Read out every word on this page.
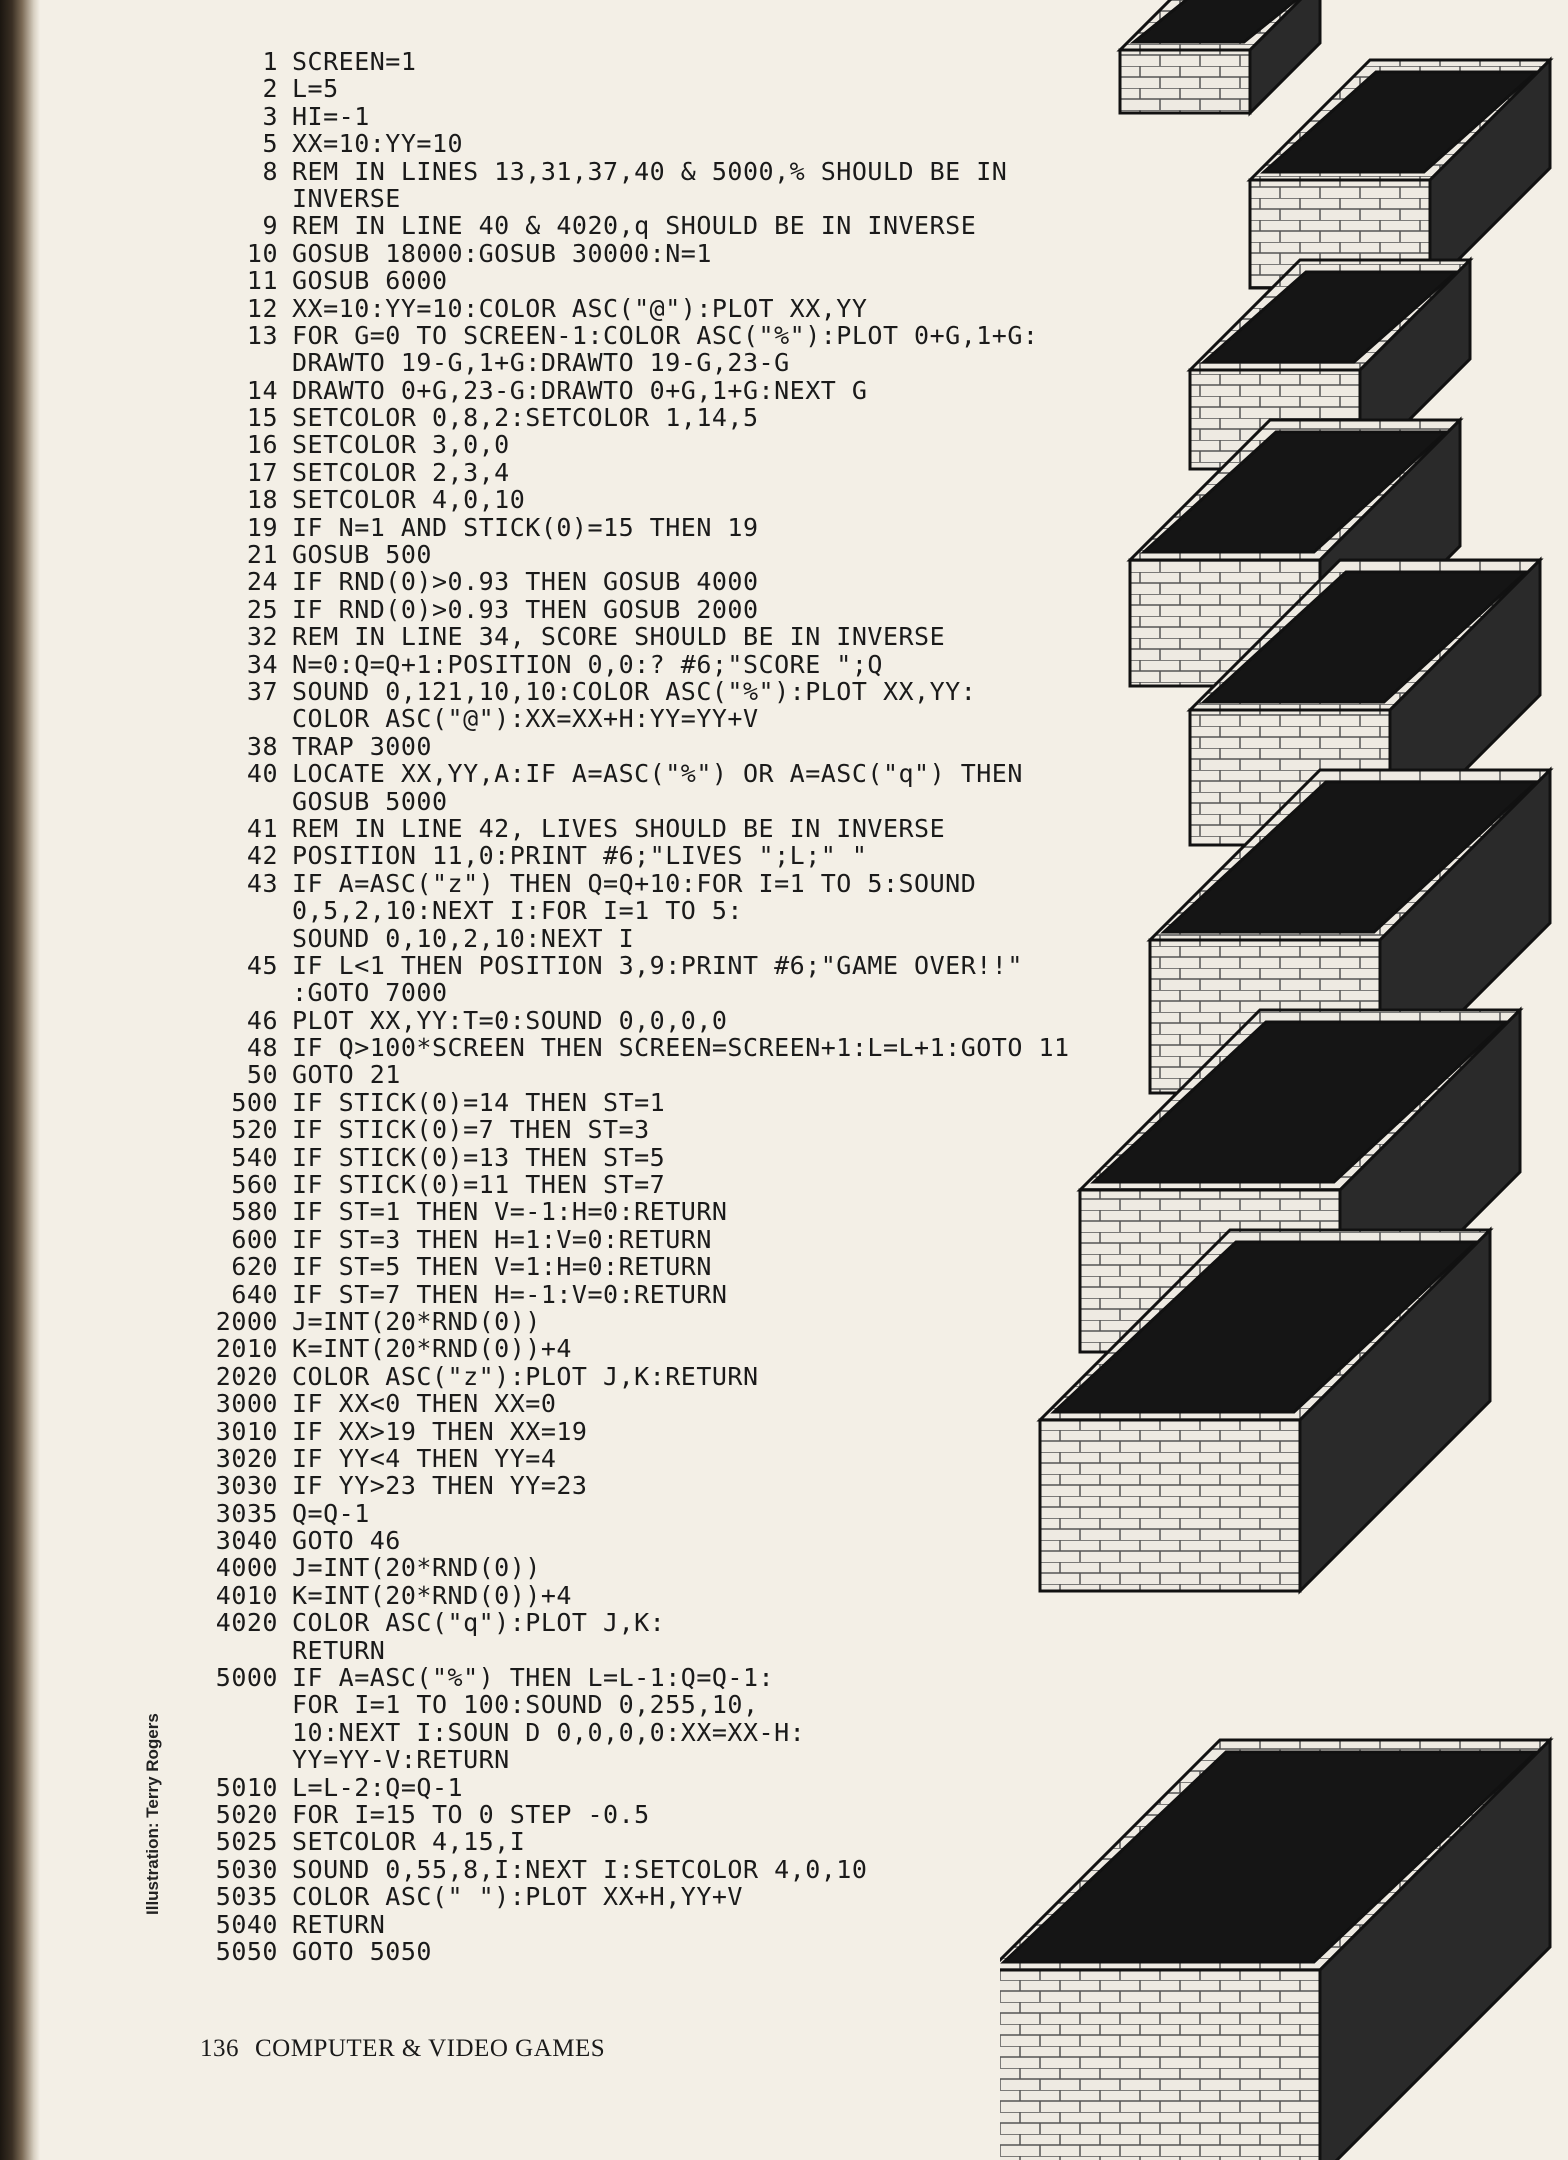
1 SCREEN=1
2 L=5
3 HI=-1
5 XX=10:YY=10
8 REM IN LINES 13,31,37,40 & 5000,% SHOULD BE IN
INVERSE
9 REM IN LINE 40 & 4020,q SHOULD BE IN INVERSE
10 GOSUB 18000:GOSUB 30000:N=1
11 GOSUB 6000
12 XX=10:YY=10:COLOR ASC("@"):PLOT XX,YY
13 FOR G=0 TO SCREEN-1:COLOR ASC("%"):PLOT 0+G,1+G:
DRAWTO 19-G,1+G:DRAWTO 19-G,23-G
14 DRAWTO 0+G,23-G:DRAWTO 0+G,1+G:NEXT G
15 SETCOLOR 0,8,2:SETCOLOR 1,14,5
16 SETCOLOR 3,0,0
17 SETCOLOR 2,3,4
18 SETCOLOR 4,0,10
19 IF N=1 AND STICK(0)=15 THEN 19
21 GOSUB 500
24 IF RND(0)>0.93 THEN GOSUB 4000
25 IF RND(0)>0.93 THEN GOSUB 2000
32 REM IN LINE 34, SCORE SHOULD BE IN INVERSE
34 N=0:Q=Q+1:POSITION 0,0:? #6;"SCORE ";Q
37 SOUND 0,121,10,10:COLOR ASC("%"):PLOT XX,YY:
COLOR ASC("@"):XX=XX+H:YY=YY+V
38 TRAP 3000
40 LOCATE XX,YY,A:IF A=ASC("%") OR A=ASC("q") THEN
GOSUB 5000
41 REM IN LINE 42, LIVES SHOULD BE IN INVERSE
42 POSITION 11,0:PRINT #6;"LIVES ";L;" "
43 IF A=ASC("z") THEN Q=Q+10:FOR I=1 TO 5:SOUND
0,5,2,10:NEXT I:FOR I=1 TO 5:
SOUND 0,10,2,10:NEXT I
45 IF L<1 THEN POSITION 3,9:PRINT #6;"GAME OVER!!"
:GOTO 7000
46 PLOT XX,YY:T=0:SOUND 0,0,0,0
48 IF Q>100*SCREEN THEN SCREEN=SCREEN+1:L=L+1:GOTO 11
50 GOTO 21
500 IF STICK(0)=14 THEN ST=1
520 IF STICK(0)=7 THEN ST=3
540 IF STICK(0)=13 THEN ST=5
560 IF STICK(0)=11 THEN ST=7
580 IF ST=1 THEN V=-1:H=0:RETURN
600 IF ST=3 THEN H=1:V=0:RETURN
620 IF ST=5 THEN V=1:H=0:RETURN
640 IF ST=7 THEN H=-1:V=0:RETURN
2000 J=INT(20*RND(0))
2010 K=INT(20*RND(0))+4
2020 COLOR ASC("z"):PLOT J,K:RETURN
3000 IF XX<0 THEN XX=0
3010 IF XX>19 THEN XX=19
3020 IF YY<4 THEN YY=4
3030 IF YY>23 THEN YY=23
3035 Q=Q-1
3040 GOTO 46
4000 J=INT(20*RND(0))
4010 K=INT(20*RND(0))+4
4020 COLOR ASC("q"):PLOT J,K:
RETURN
5000 IF A=ASC("%") THEN L=L-1:Q=Q-1:
FOR I=1 TO 100:SOUND 0,255,10,
10:NEXT I:SOUN D 0,0,0,0:XX=XX-H:
YY=YY-V:RETURN
5010 L=L-2:Q=Q-1
5020 FOR I=15 TO 0 STEP -0.5
5025 SETCOLOR 4,15,I
5030 SOUND 0,55,8,I:NEXT I:SETCOLOR 4,0,10
5035 COLOR ASC(" "):PLOT XX+H,YY+V
5040 RETURN
5050 GOTO 5050
Illustration: Terry Rogers
136 COMPUTER & VIDEO GAMES
